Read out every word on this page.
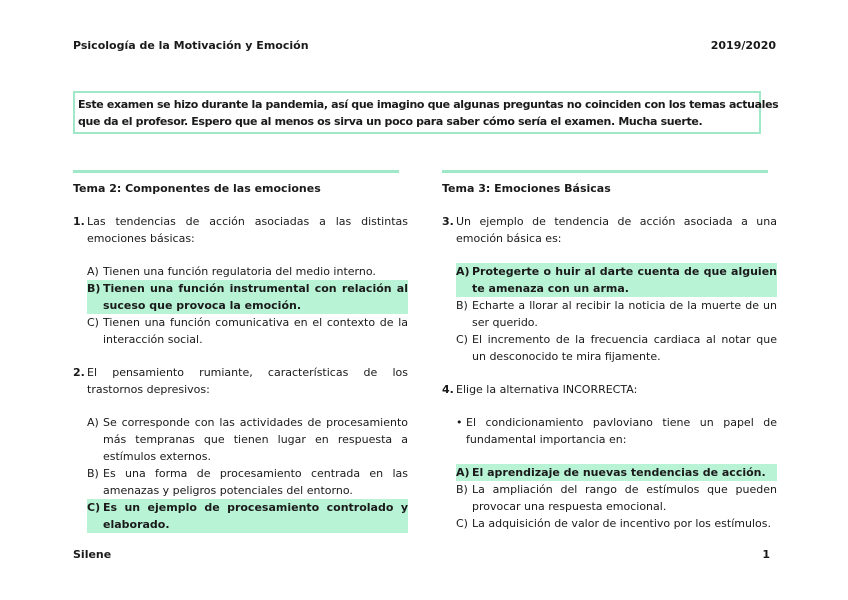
Psicología de la Motivación y Emoción	2019/2020
Este examen se hizo durante la pandemia, así que imagino que algunas preguntas no coinciden con los temas actuales
que da el profesor. Espero que al menos os sirva un poco para saber cómo sería el examen. Mucha suerte.
Tema 2: Componentes de las emociones
1. Las tendencias de acción asociadas a las distintas emociones básicas:
A) Tienen una función regulatoria del medio interno.
B) Tienen una función instrumental con relación al suceso que provoca la emoción.
C) Tienen una función comunicativa en el contexto de la interacción social.
2. El pensamiento rumiante, características de los trastornos depresivos:
A) Se corresponde con las actividades de procesamiento más tempranas que tienen lugar en respuesta a estímulos externos.
B) Es una forma de procesamiento centrada en las amenazas y peligros potenciales del entorno.
C) Es un ejemplo de procesamiento controlado y elaborado.
Tema 3: Emociones Básicas
3. Un ejemplo de tendencia de acción asociada a una emoción básica es:
A) Protegerte o huir al darte cuenta de que alguien te amenaza con un arma.
B) Echarte a llorar al recibir la noticia de la muerte de un ser querido.
C) El incremento de la frecuencia cardiaca al notar que un desconocido te mira fijamente.
4. Elige la alternativa INCORRECTA:
• El condicionamiento pavloviano tiene un papel de fundamental importancia en:
A) El aprendizaje de nuevas tendencias de acción.
B) La ampliación del rango de estímulos que pueden provocar una respuesta emocional.
C) La adquisición de valor de incentivo por los estímulos.
Silene	1
